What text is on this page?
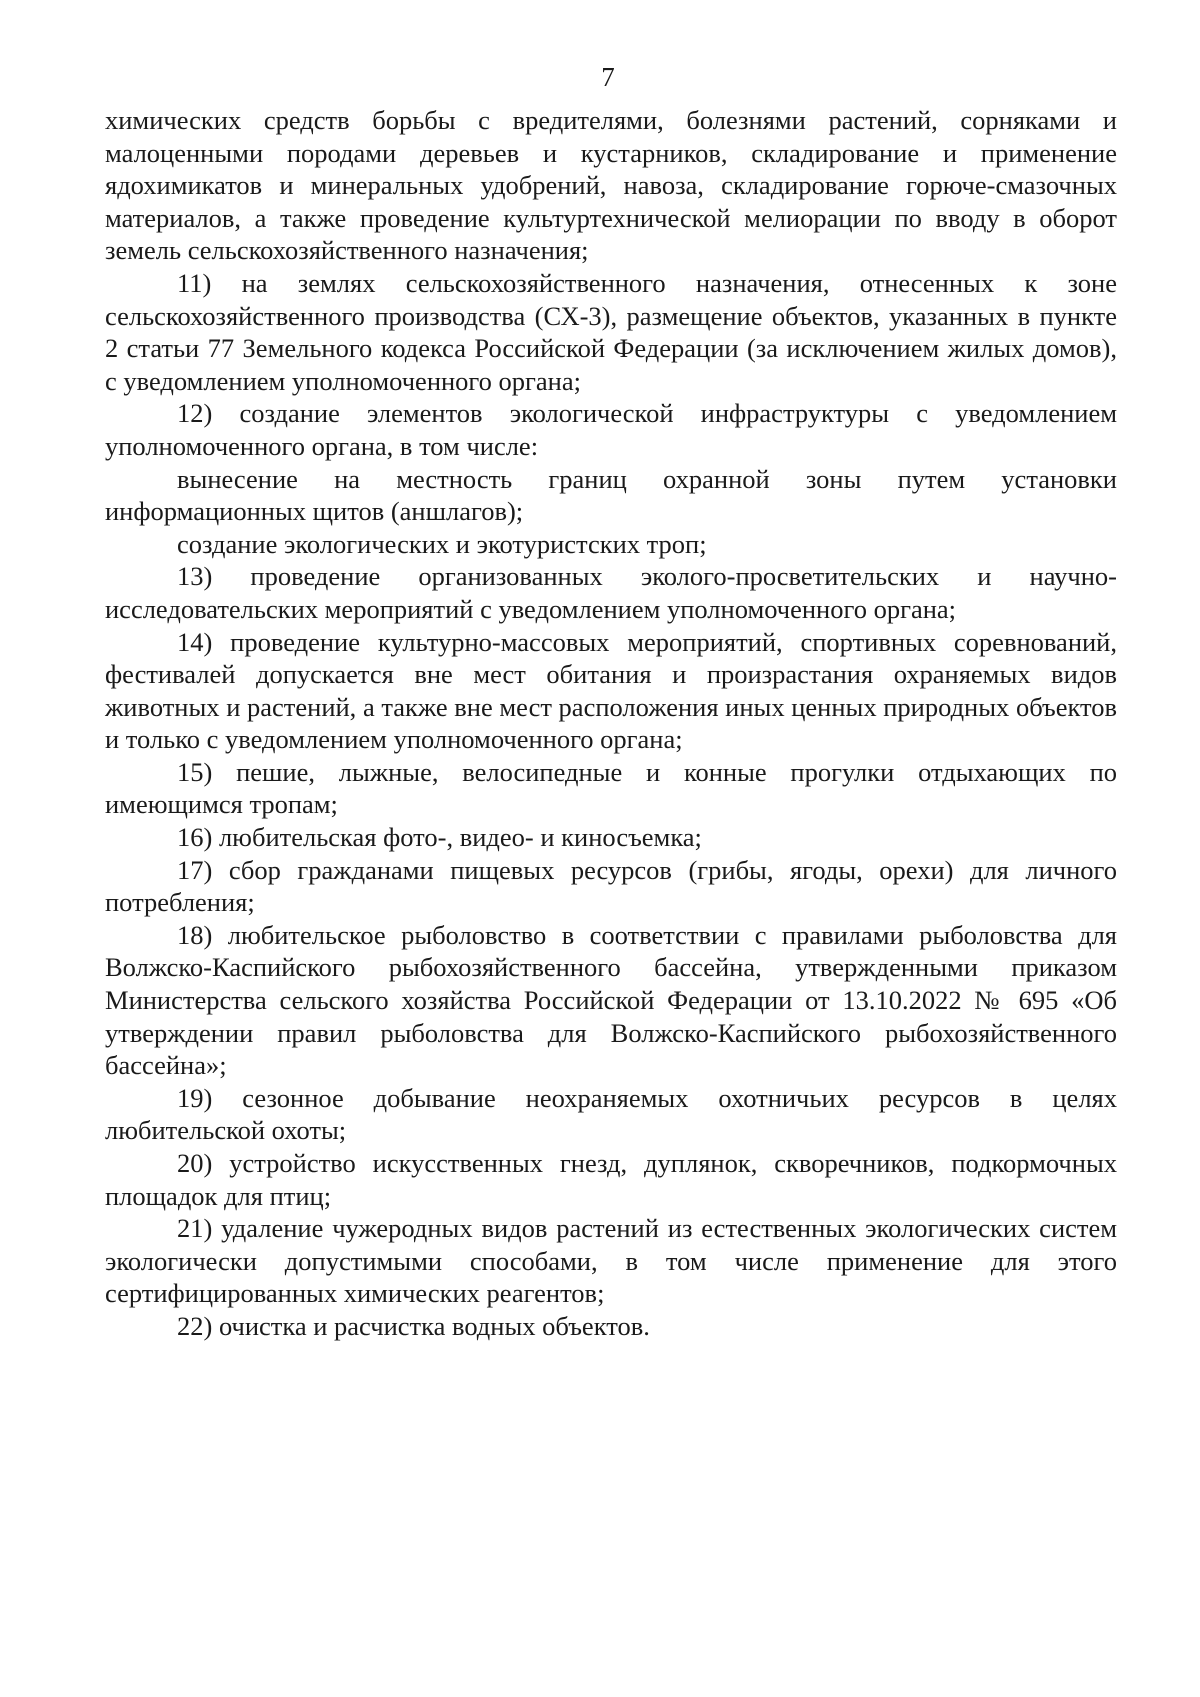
7

химических средств борьбы с вредителями, болезнями растений, сорняками и малоценными породами деревьев и кустарников, складирование и применение ядохимикатов и минеральных удобрений, навоза, складирование горюче-смазочных материалов, а также проведение культуртехнической мелиорации по вводу в оборот земель сельскохозяйственного назначения;

11) на землях сельскохозяйственного назначения, отнесенных к зоне сельскохозяйственного производства (СХ-3), размещение объектов, указанных в пункте 2 статьи 77 Земельного кодекса Российской Федерации (за исключением жилых домов), с уведомлением уполномоченного органа;

12) создание элементов экологической инфраструктуры с уведомлением уполномоченного органа, в том числе:

вынесение на местность границ охранной зоны путем установки информационных щитов (аншлагов);

создание экологических и экотуристских троп;

13) проведение организованных эколого-просветительских и научно-исследовательских мероприятий с уведомлением уполномоченного органа;

14) проведение культурно-массовых мероприятий, спортивных соревнований, фестивалей допускается вне мест обитания и произрастания охраняемых видов животных и растений, а также вне мест расположения иных ценных природных объектов и только с уведомлением уполномоченного органа;

15) пешие, лыжные, велосипедные и конные прогулки отдыхающих по имеющимся тропам;

16) любительская фото-, видео- и киносъемка;

17) сбор гражданами пищевых ресурсов (грибы, ягоды, орехи) для личного потребления;

18) любительское рыболовство в соответствии с правилами рыболовства для Волжско-Каспийского рыбохозяйственного бассейна, утвержденными приказом Министерства сельского хозяйства Российской Федерации от 13.10.2022 № 695 «Об утверждении правил рыболовства для Волжско-Каспийского рыбохозяйственного бассейна»;

19) сезонное добывание неохраняемых охотничьих ресурсов в целях любительской охоты;

20) устройство искусственных гнезд, дуплянок, скворечников, подкормочных площадок для птиц;

21) удаление чужеродных видов растений из естественных экологических систем экологически допустимыми способами, в том числе применение для этого сертифицированных химических реагентов;

22) очистка и расчистка водных объектов.
